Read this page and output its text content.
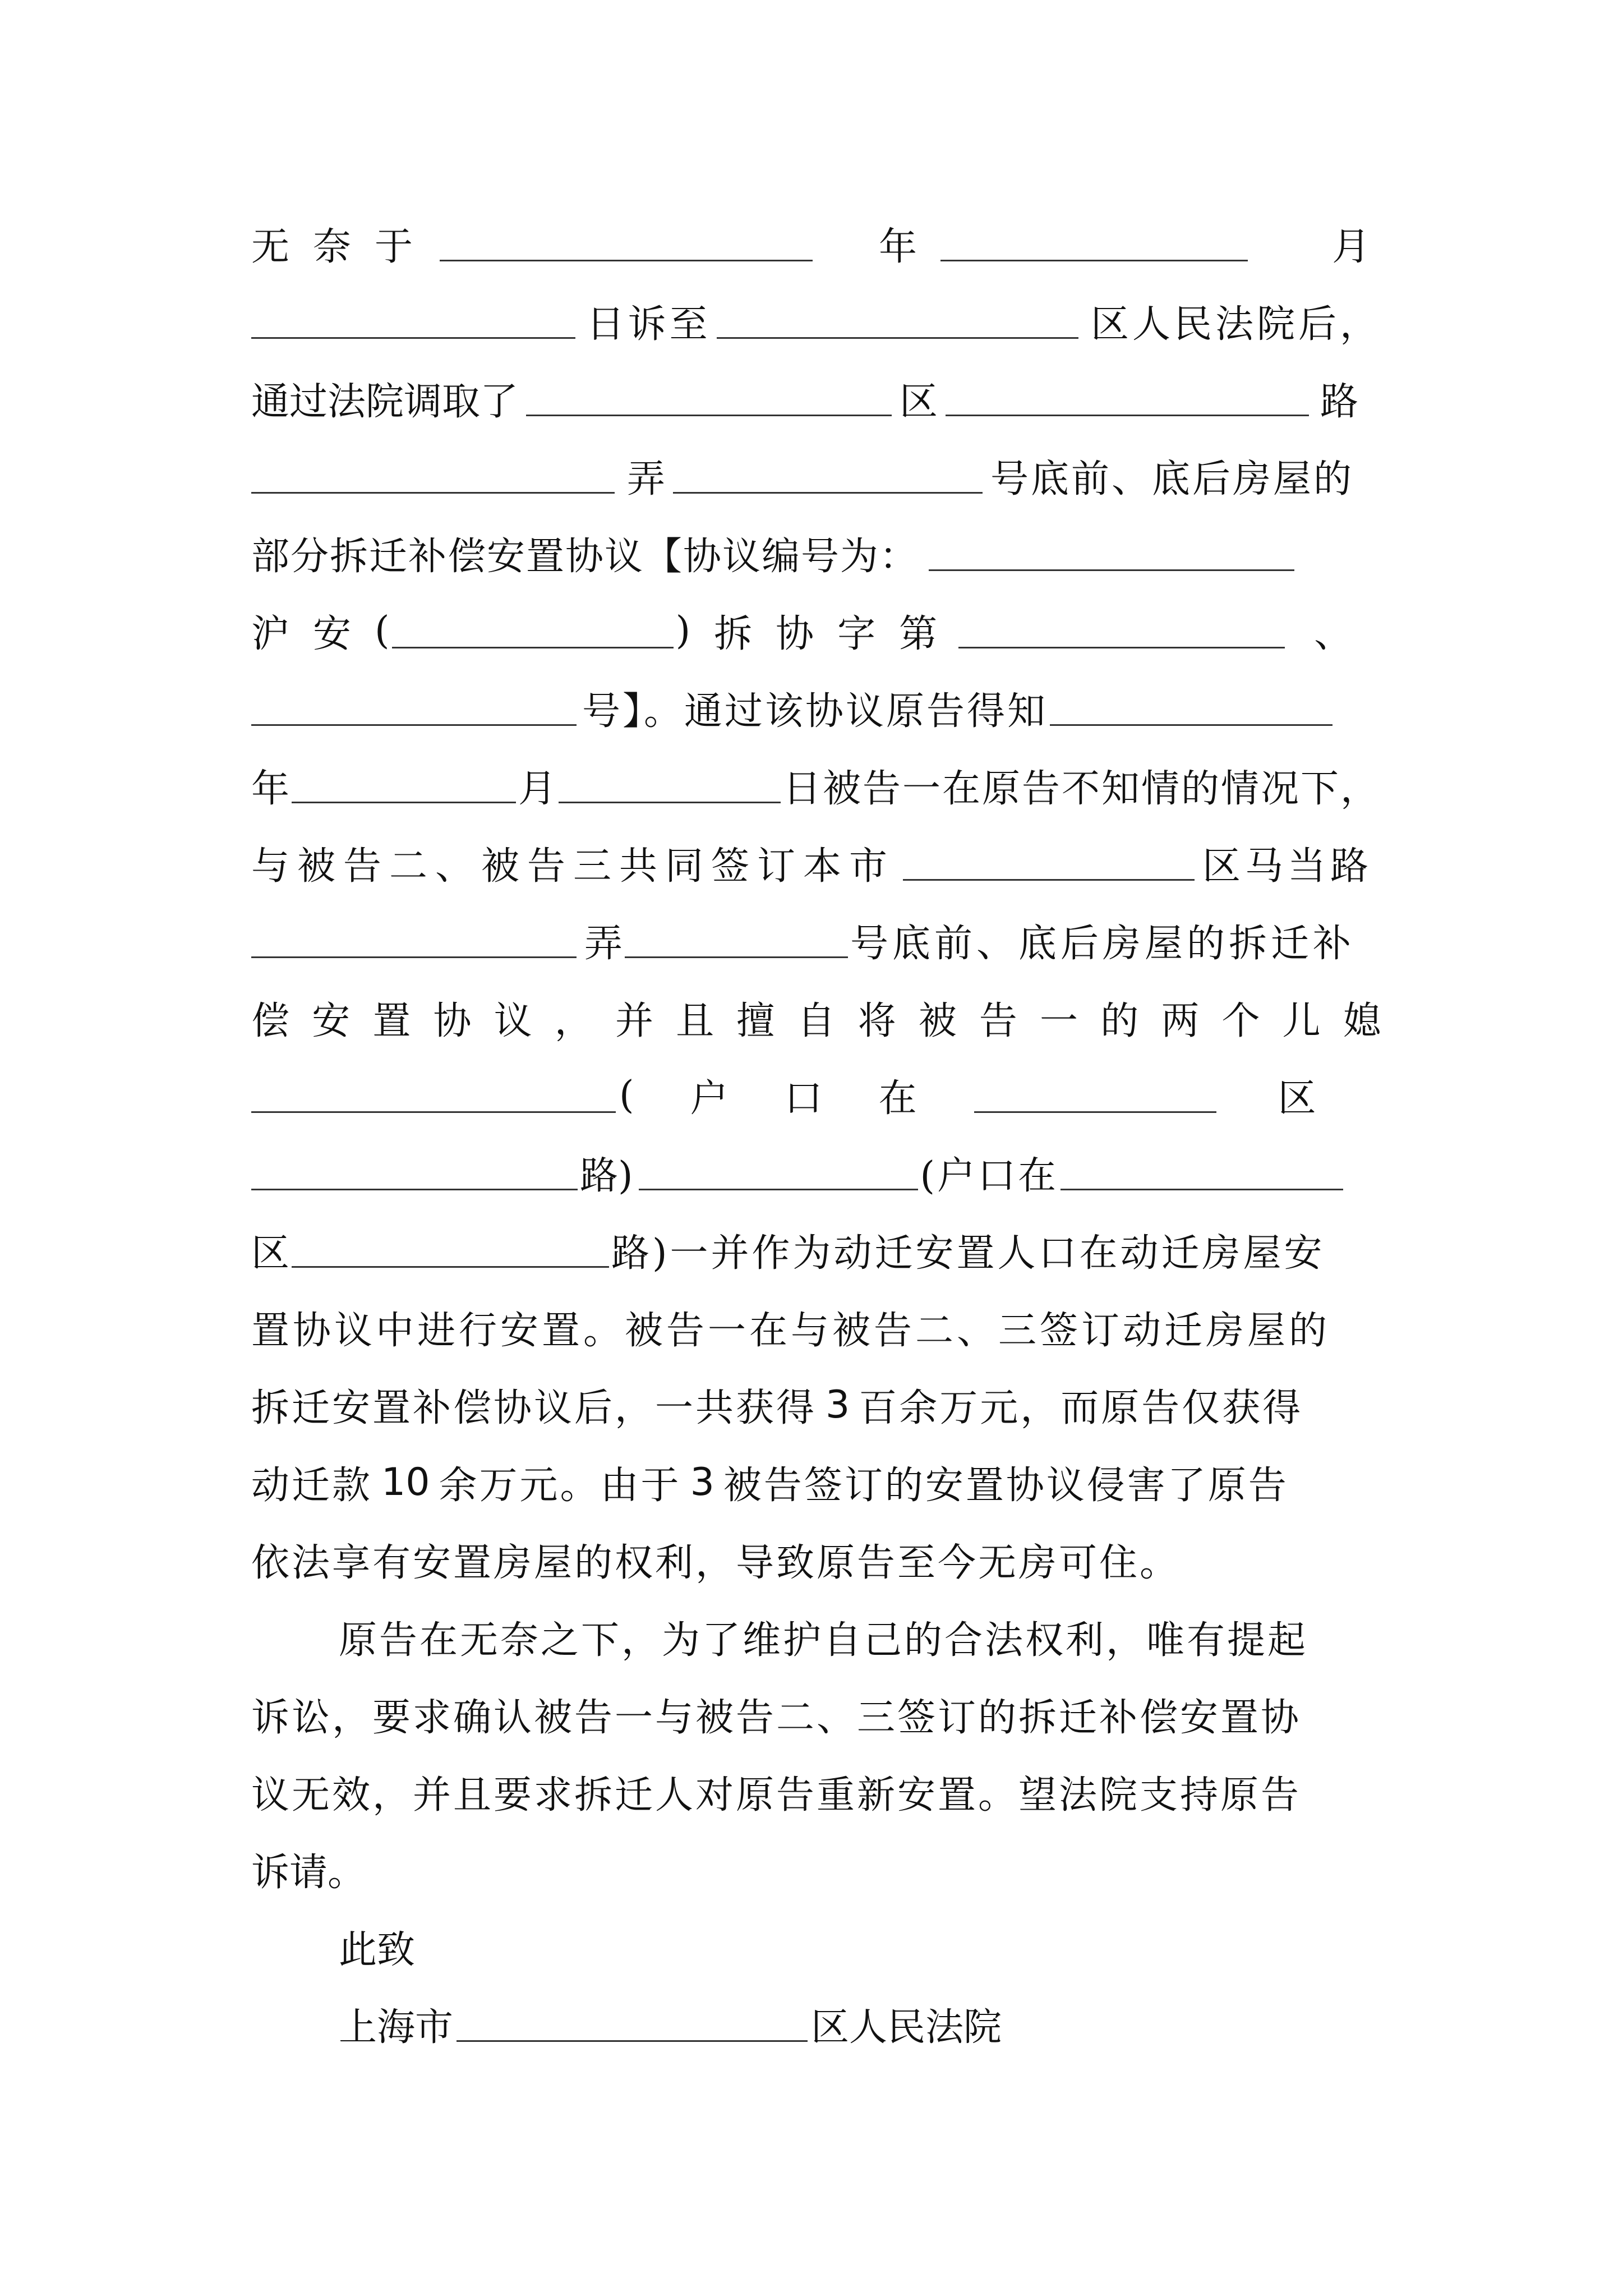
无 奈 于	年	月
日诉至	区人民法院后，
通过法院调取了	区	路
弄	号底前、底后房屋的
部分拆迁补偿安置协议【协议编号为：
沪 安 (	) 拆 协 字 第	、
号】。通过该协议原告得知
年	月	日被告一在原告不知情的情况下，
与被告二、被告三共同签订本市	区马当路
弄	号底前、底后房屋的拆迁补
偿 安 置 协 议 ， 并 且 擅 自 将 被 告 一 的 两 个 儿 媳
( 户 口 在	区
路)	(户口在
区	路)一并作为动迁安置人口在动迁房屋安
置协议中进行安置。被告一在与被告二、三签订动迁房屋的
拆迁安置补偿协议后，一共获得 3 百余万元，而原告仅获得
动迁款 10 余万元。由于 3 被告签订的安置协议侵害了原告
依法享有安置房屋的权利，导致原告至今无房可住。
原告在无奈之下，为了维护自己的合法权利，唯有提起
诉讼，要求确认被告一与被告二、三签订的拆迁补偿安置协
议无效，并且要求拆迁人对原告重新安置。望法院支持原告
诉请。
此致
上海市	区人民法院
